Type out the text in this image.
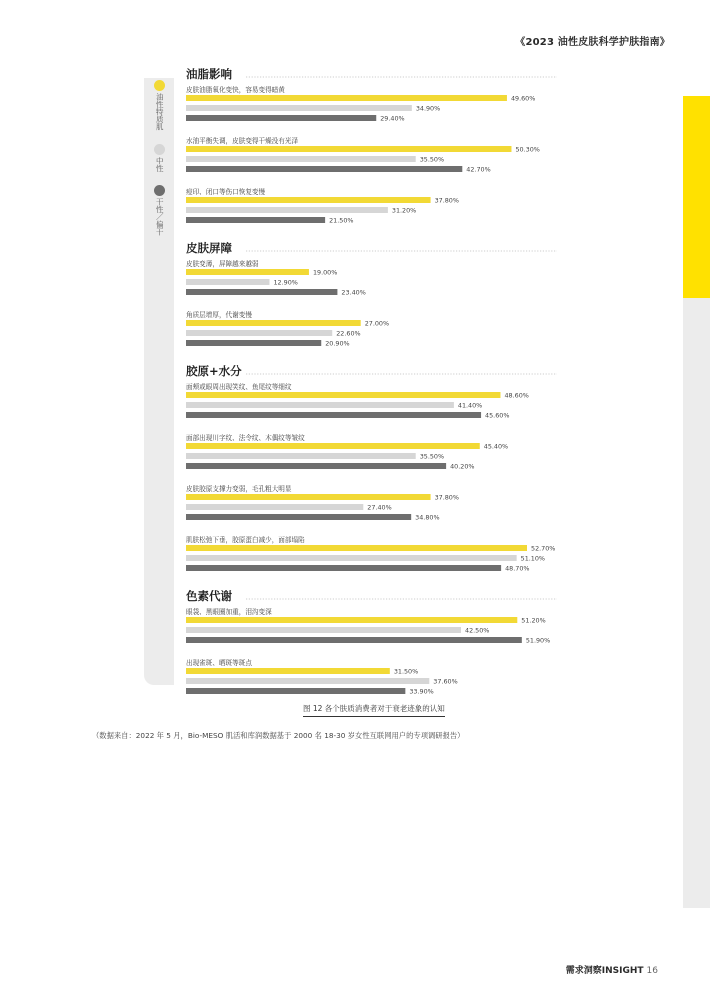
《2023 油性皮肤科学护肤指南》
油性特质肌
中性
干性／偏干
油脂影响
皮肤油脂氧化变快，容易变得暗黄
49.60%
34.90%
29.40%
水油平衡失调，皮肤变得干燥没有光泽
50.30%
35.50%
42.70%
痘印、闭口等伤口恢复变慢
37.80%
31.20%
21.50%
皮肤屏障
皮肤变薄，屏障越来越弱
19.00%
12.90%
23.40%
角质层增厚，代谢变慢
27.00%
22.60%
20.90%
胶原+水分
面颊或眼周出现笑纹、鱼尾纹等细纹
48.60%
41.40%
45.60%
面部出现川字纹、法令纹、木偶纹等皱纹
45.40%
35.50%
40.20%
皮肤胶原支撑力变弱，毛孔粗大明显
37.80%
27.40%
34.80%
肌肤松弛下垂，胶原蛋白减少，面部塌陷
52.70%
51.10%
48.70%
色素代谢
眼袋、黑眼圈加重，泪沟变深
51.20%
42.50%
51.90%
出现雀斑、晒斑等斑点
31.50%
37.60%
33.90%
图 12 各个肤质消费者对于衰老迹象的认知
（数据来自：2022 年 5 月，Bio-MESO 肌活和库润数据基于 2000 名 18-30 岁女性互联网用户的专项调研报告）
需求洞察INSIGHT 16
